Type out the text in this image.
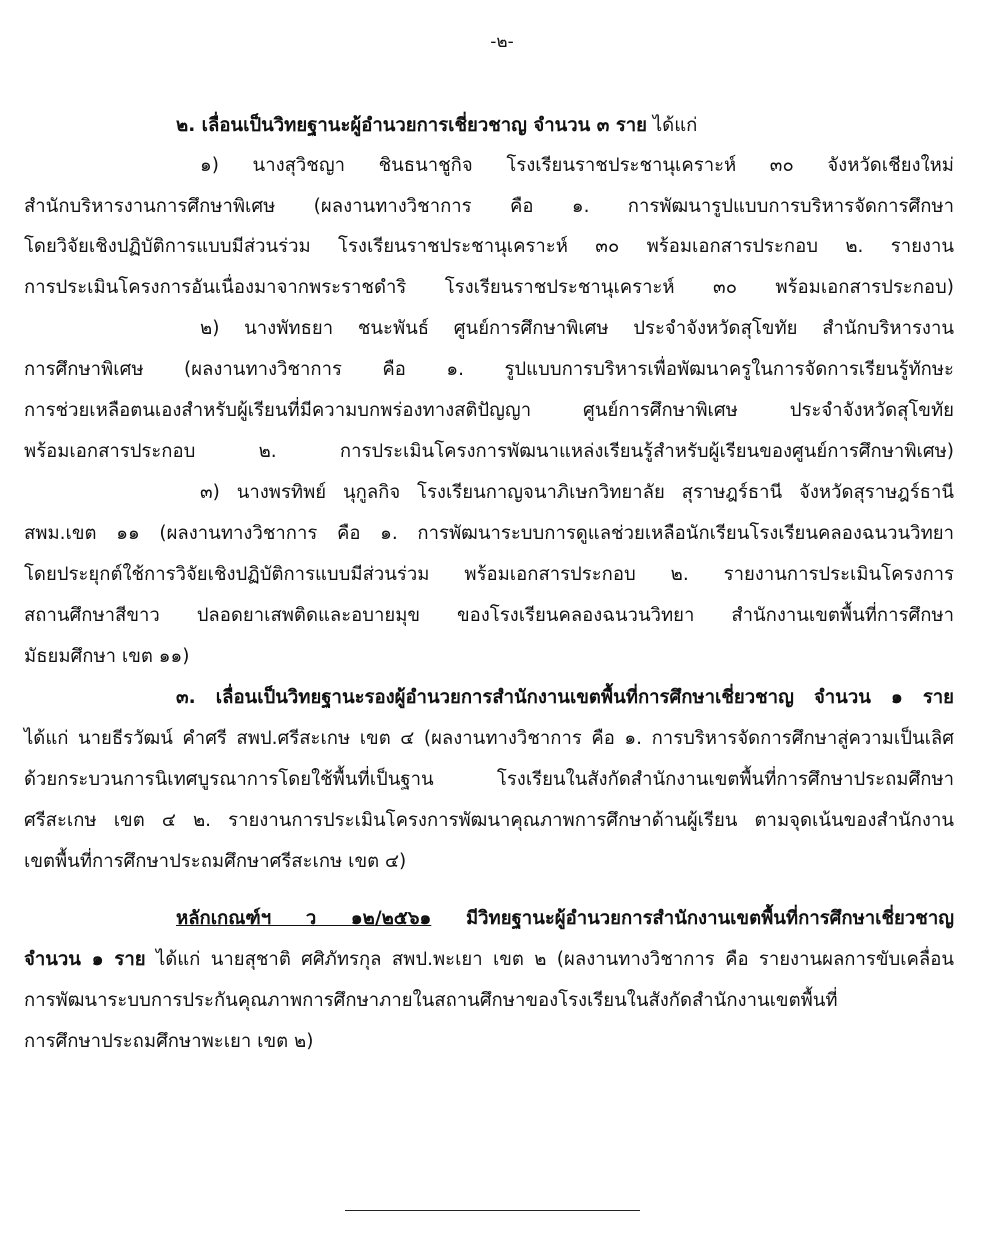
-๒-
๒. เลื่อนเป็นวิทยฐานะผู้อำนวยการเชี่ยวชาญ จำนวน ๓ ราย ได้แก่
๑) นางสุวิชญา ชินธนาชูกิจ โรงเรียนราชประชานุเคราะห์ ๓๐ จังหวัดเชียงใหม่
สำนักบริหารงานการศึกษาพิเศษ (ผลงานทางวิชาการ คือ ๑. การพัฒนารูปแบบการบริหารจัดการศึกษา
โดยวิจัยเชิงปฏิบัติการแบบมีส่วนร่วม โรงเรียนราชประชานุเคราะห์ ๓๐ พร้อมเอกสารประกอบ ๒. รายงาน
การประเมินโครงการอันเนื่องมาจากพระราชดำริ โรงเรียนราชประชานุเคราะห์ ๓๐ พร้อมเอกสารประกอบ)
๒) นางพัทธยา ชนะพันธ์ ศูนย์การศึกษาพิเศษ ประจำจังหวัดสุโขทัย สำนักบริหารงาน
การศึกษาพิเศษ (ผลงานทางวิชาการ คือ ๑. รูปแบบการบริหารเพื่อพัฒนาครูในการจัดการเรียนรู้ทักษะ
การช่วยเหลือตนเองสำหรับผู้เรียนที่มีความบกพร่องทางสติปัญญา ศูนย์การศึกษาพิเศษ ประจำจังหวัดสุโขทัย
พร้อมเอกสารประกอบ ๒. การประเมินโครงการพัฒนาแหล่งเรียนรู้สำหรับผู้เรียนของศูนย์การศึกษาพิเศษ)
๓) นางพรทิพย์ นุกูลกิจ โรงเรียนกาญจนาภิเษกวิทยาลัย สุราษฎร์ธานี จังหวัดสุราษฎร์ธานี
สพม.เขต ๑๑ (ผลงานทางวิชาการ คือ ๑. การพัฒนาระบบการดูแลช่วยเหลือนักเรียนโรงเรียนคลองฉนวนวิทยา
โดยประยุกต์ใช้การวิจัยเชิงปฏิบัติการแบบมีส่วนร่วม พร้อมเอกสารประกอบ ๒. รายงานการประเมินโครงการ
สถานศึกษาสีขาว ปลอดยาเสพติดและอบายมุข ของโรงเรียนคลองฉนวนวิทยา สำนักงานเขตพื้นที่การศึกษา
มัธยมศึกษา เขต ๑๑)
๓. เลื่อนเป็นวิทยฐานะรองผู้อำนวยการสำนักงานเขตพื้นที่การศึกษาเชี่ยวชาญ จำนวน ๑ ราย
ได้แก่ นายธีรวัฒน์ คำศรี สพป.ศรีสะเกษ เขต ๔ (ผลงานทางวิชาการ คือ ๑. การบริหารจัดการศึกษาสู่ความเป็นเลิศ
ด้วยกระบวนการนิเทศบูรณาการโดยใช้พื้นที่เป็นฐาน โรงเรียนในสังกัดสำนักงานเขตพื้นที่การศึกษาประถมศึกษา
ศรีสะเกษ เขต ๔ ๒. รายงานการประเมินโครงการพัฒนาคุณภาพการศึกษาด้านผู้เรียน ตามจุดเน้นของสำนักงาน
เขตพื้นที่การศึกษาประถมศึกษาศรีสะเกษ เขต ๔)
หลักเกณฑ์ฯ ว ๑๒/๒๕๖๑ มีวิทยฐานะผู้อำนวยการสำนักงานเขตพื้นที่การศึกษาเชี่ยวชาญ
จำนวน ๑ ราย ได้แก่ นายสุชาติ ศศิภัทรกุล สพป.พะเยา เขต ๒ (ผลงานทางวิชาการ คือ รายงานผลการขับเคลื่อน
การพัฒนาระบบการประกันคุณภาพการศึกษาภายในสถานศึกษาของโรงเรียนในสังกัดสำนักงานเขตพื้นที่
การศึกษาประถมศึกษาพะเยา เขต ๒)
